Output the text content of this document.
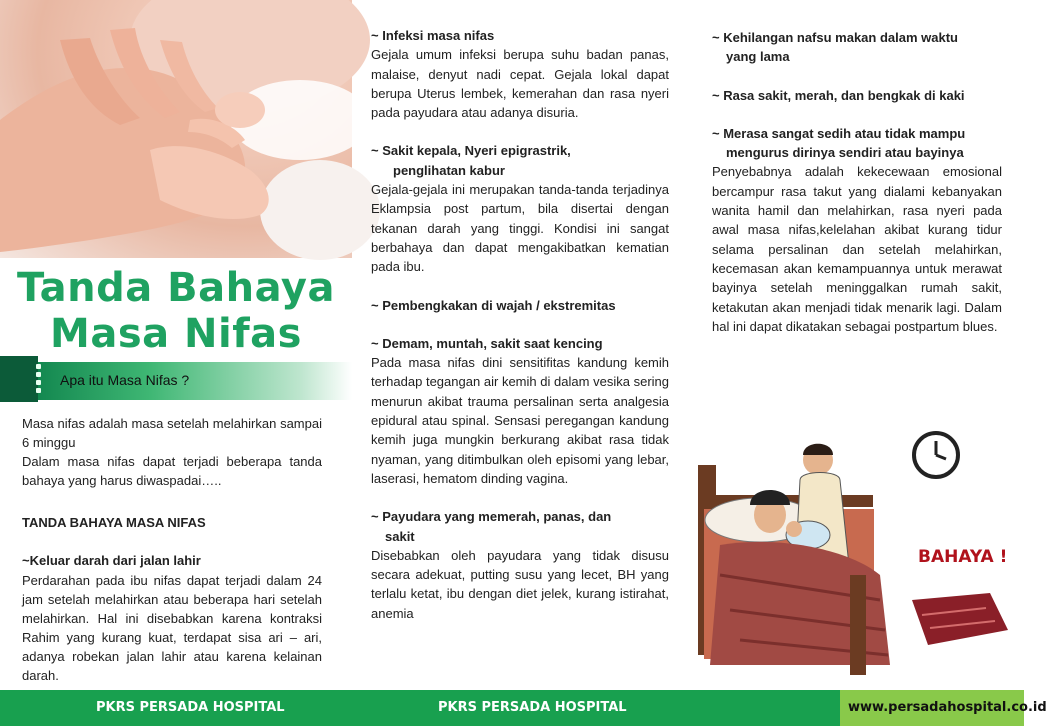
Tanda Bahaya
Masa Nifas
Apa itu Masa Nifas ?

Masa nifas adalah masa setelah melahirkan sampai 6 minggu

Dalam masa nifas dapat terjadi beberapa tanda bahaya yang harus diwaspadai…..

TANDA BAHAYA MASA NIFAS
~Keluar darah dari jalan lahir
Perdarahan pada ibu nifas dapat terjadi dalam 24 jam setelah melahirkan atau beberapa hari setelah melahirkan. Hal ini disebabkan karena kontraksi Rahim yang kurang kuat, terdapat sisa ari – ari, adanya robekan jalan lahir atau karena kelainan darah.

~ Infeksi masa nifas

Gejala umum infeksi berupa suhu badan panas, malaise, denyut nadi cepat. Gejala lokal dapat berupa Uterus lembek, kemerahan dan rasa nyeri pada payudara atau adanya disuria.

~ Sakit kepala, Nyeri epigrastrik,

penglihatan kabur

Gejala-gejala ini merupakan tanda-tanda terjadinya Eklampsia post partum, bila disertai dengan tekanan darah yang tinggi. Kondisi ini sangat berbahaya dan dapat mengakibatkan kematian pada ibu.

~ Pembengkakan di wajah / ekstremitas

~ Demam, muntah, sakit saat kencing

Pada masa nifas dini sensitifitas kandung kemih terhadap tegangan air kemih di dalam vesika sering menurun akibat trauma persalinan serta analgesia epidural atau spinal. Sensasi peregangan kandung kemih juga mungkin berkurang akibat rasa tidak nyaman, yang ditimbulkan oleh episomi yang lebar, laserasi, hematom dinding vagina.

~ Payudara yang memerah, panas, dan

sakit

Disebabkan oleh payudara yang tidak disusu secara adekuat, putting susu yang lecet, BH yang terlalu ketat, ibu dengan diet jelek, kurang istirahat, anemia

~ Kehilangan nafsu makan dalam waktu

yang lama

~ Rasa sakit, merah, dan bengkak di kaki

~ Merasa sangat sedih atau tidak mampu

mengurus dirinya sendiri atau bayinya

Penyebabnya adalah kekecewaan emosional bercampur rasa takut yang dialami kebanyakan wanita hamil dan melahirkan, rasa nyeri pada awal masa nifas,kelelahan akibat kurang tidur selama persalinan dan setelah melahirkan, kecemasan akan kemampuannya untuk merawat bayinya setelah meninggalkan rumah sakit, ketakutan akan menjadi tidak menarik lagi. Dalam hal ini dapat dikatakan sebagai postpartum blues.

BAHAYA !
PKRS PERSADA HOSPITAL	PKRS PERSADA HOSPITAL	www.persadahospital.co.id
